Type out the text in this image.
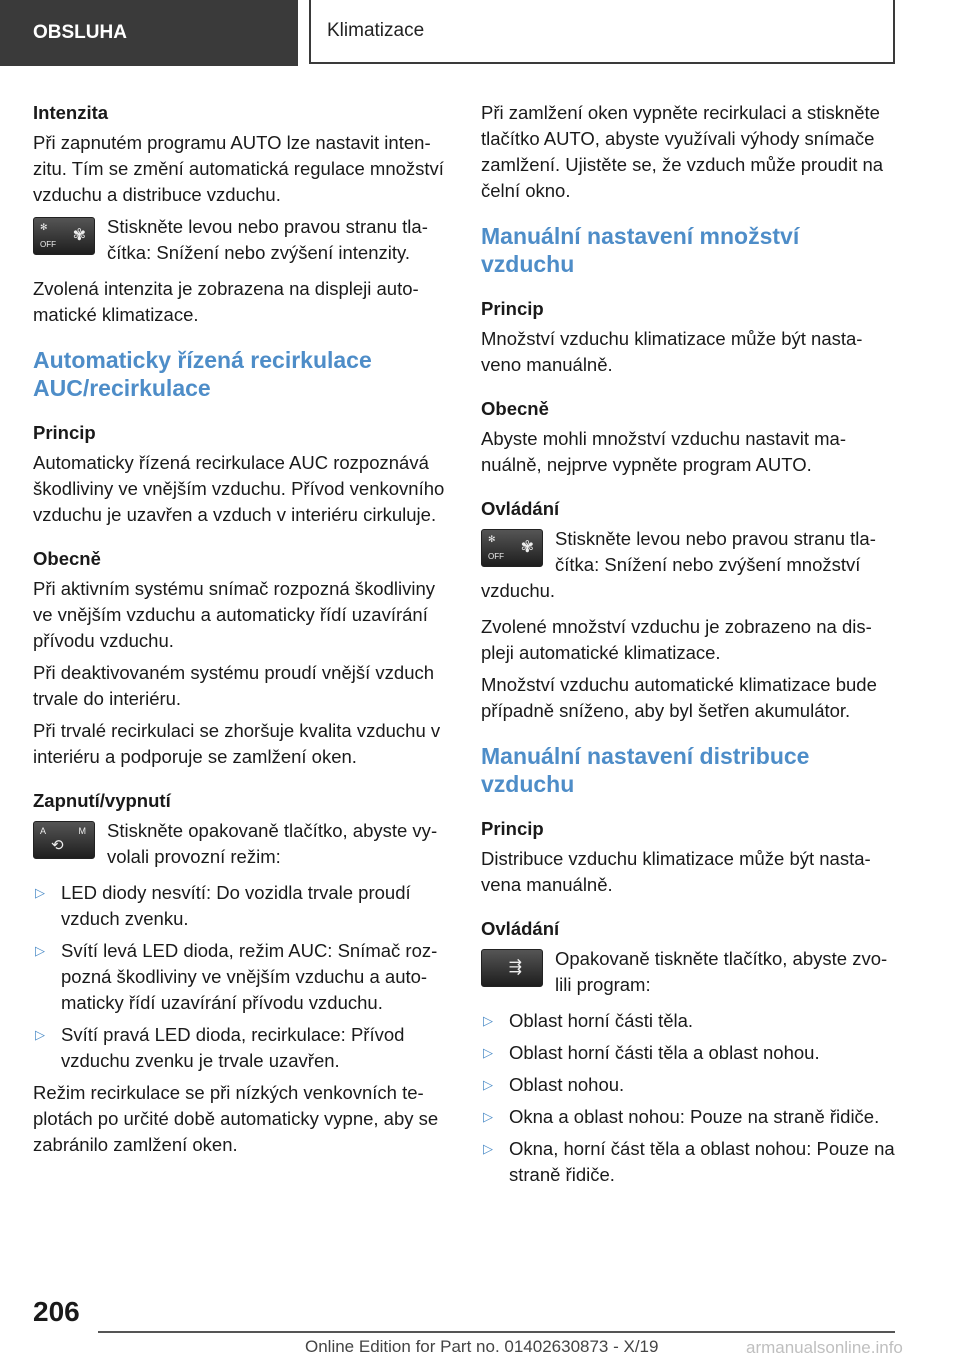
OBSLUHA	Klimatizace
Intenzita
Při zapnutém programu AUTO lze nastavit intenzitu. Tím se změní automatická regulace množství vzduchu a distribuce vzduchu.
✻
OFF
✾	Stiskněte levou nebo pravou stranu tlačítka: Snížení nebo zvýšení intenzity.
Zvolená intenzita je zobrazena na displeji automatické klimatizace.
Automaticky řízená recirkulace AUC/recirkulace
Princip
Automaticky řízená recirkulace AUC rozpoznává škodliviny ve vnějším vzduchu. Přívod venkovního vzduchu je uzavřen a vzduch v interiéru cirkuluje.
Obecně
Při aktivním systému snímač rozpozná škodliviny ve vnějším vzduchu a automaticky řídí uzavírání přívodu vzduchu.
Při deaktivovaném systému proudí vnější vzduch trvale do interiéru.
Při trvalé recirkulaci se zhoršuje kvalita vzduchu v interiéru a podporuje se zamlžení oken.
Zapnutí/vypnutí
A	M
⟲
Stiskněte opakovaně tlačítko, abyste vyvolali provozní režim:
▷ LED diody nesvítí: Do vozidla trvale proudí vzduch zvenku.
▷ Svítí levá LED dioda, režim AUC: Snímač rozpozná škodliviny ve vnějším vzduchu a automaticky řídí uzavírání přívodu vzduchu.
▷ Svítí pravá LED dioda, recirkulace: Přívod vzduchu zvenku je trvale uzavřen.
Režim recirkulace se při nízkých venkovních teplotách po určité době automaticky vypne, aby se zabránilo zamlžení oken.
Při zamlžení oken vypněte recirkulaci a stiskněte tlačítko AUTO, abyste využívali výhody snímače zamlžení. Ujistěte se, že vzduch může proudit na čelní okno.
Manuální nastavení množství vzduchu
Princip
Množství vzduchu klimatizace může být nastaveno manuálně.
Obecně
Abyste mohli množství vzduchu nastavit manuálně, nejprve vypněte program AUTO.
Ovládání
✻
OFF
✾	Stiskněte levou nebo pravou stranu tlačítka: Snížení nebo zvýšení množství vzduchu.
Zvolené množství vzduchu je zobrazeno na displeji automatické klimatizace.
Množství vzduchu automatické klimatizace bude případně sníženo, aby byl šetřen akumulátor.
Manuální nastavení distribuce vzduchu
Princip
Distribuce vzduchu klimatizace může být nastavena manuálně.
Ovládání
⇶	Opakovaně tiskněte tlačítko, abyste zvolili program:
▷ Oblast horní části těla.
▷ Oblast horní části těla a oblast nohou.
▷ Oblast nohou.
▷ Okna a oblast nohou: Pouze na straně řidiče.
▷ Okna, horní část těla a oblast nohou: Pouze na straně řidiče.
206
Online Edition for Part no. 01402630873 - X/19	armanualsonline.info
